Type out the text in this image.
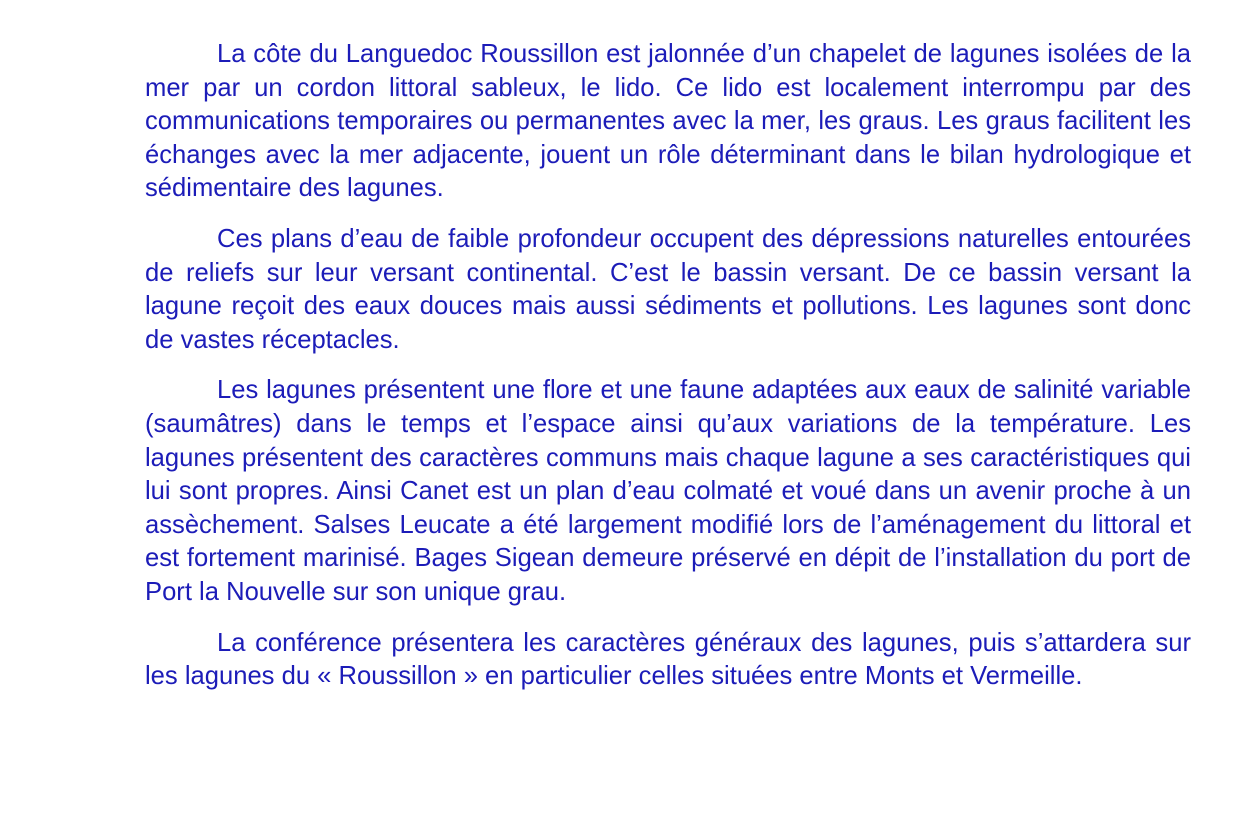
La côte du Languedoc Roussillon est jalonnée d’un chapelet de lagunes isolées de la mer par un cordon littoral sableux, le lido. Ce lido est localement interrompu par des communications temporaires ou permanentes avec la mer, les graus. Les graus facilitent les échanges avec la mer adjacente, jouent un rôle déterminant dans le bilan hydrologique et sédimentaire des lagunes.

Ces plans d’eau de faible profondeur occupent des dépressions naturelles entourées de reliefs sur leur versant continental. C’est le bassin versant. De ce bassin versant la lagune reçoit des eaux douces mais aussi sédiments et pollutions. Les lagunes sont donc de vastes réceptacles.

Les lagunes présentent une flore et une faune adaptées aux eaux de salinité variable (saumâtres) dans le temps et l’espace ainsi qu’aux variations de la température. Les lagunes présentent des caractères communs mais chaque lagune a ses caractéristiques qui lui sont propres. Ainsi Canet est un plan d’eau colmaté et voué dans un avenir proche à un assèchement. Salses Leucate a été largement modifié lors de l’aménagement du littoral et est fortement marinisé. Bages Sigean demeure préservé en dépit de l’installation du port de Port la Nouvelle sur son unique grau.

La conférence présentera les caractères généraux des lagunes, puis s’attardera sur les lagunes du « Roussillon » en particulier celles situées entre Monts et Vermeille.
